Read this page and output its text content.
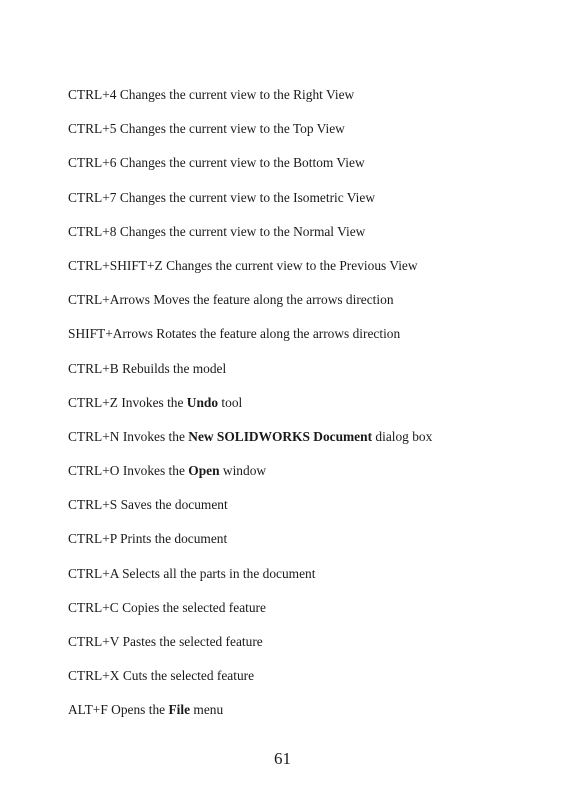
CTRL+4 Changes the current view to the Right View
CTRL+5 Changes the current view to the Top View
CTRL+6 Changes the current view to the Bottom View
CTRL+7 Changes the current view to the Isometric View
CTRL+8 Changes the current view to the Normal View
CTRL+SHIFT+Z Changes the current view to the Previous View
CTRL+Arrows Moves the feature along the arrows direction
SHIFT+Arrows Rotates the feature along the arrows direction
CTRL+B Rebuilds the model
CTRL+Z Invokes the Undo tool
CTRL+N Invokes the New SOLIDWORKS Document dialog box
CTRL+O Invokes the Open window
CTRL+S Saves the document
CTRL+P Prints the document
CTRL+A Selects all the parts in the document
CTRL+C Copies the selected feature
CTRL+V Pastes the selected feature
CTRL+X Cuts the selected feature
ALT+F Opens the File menu
61
